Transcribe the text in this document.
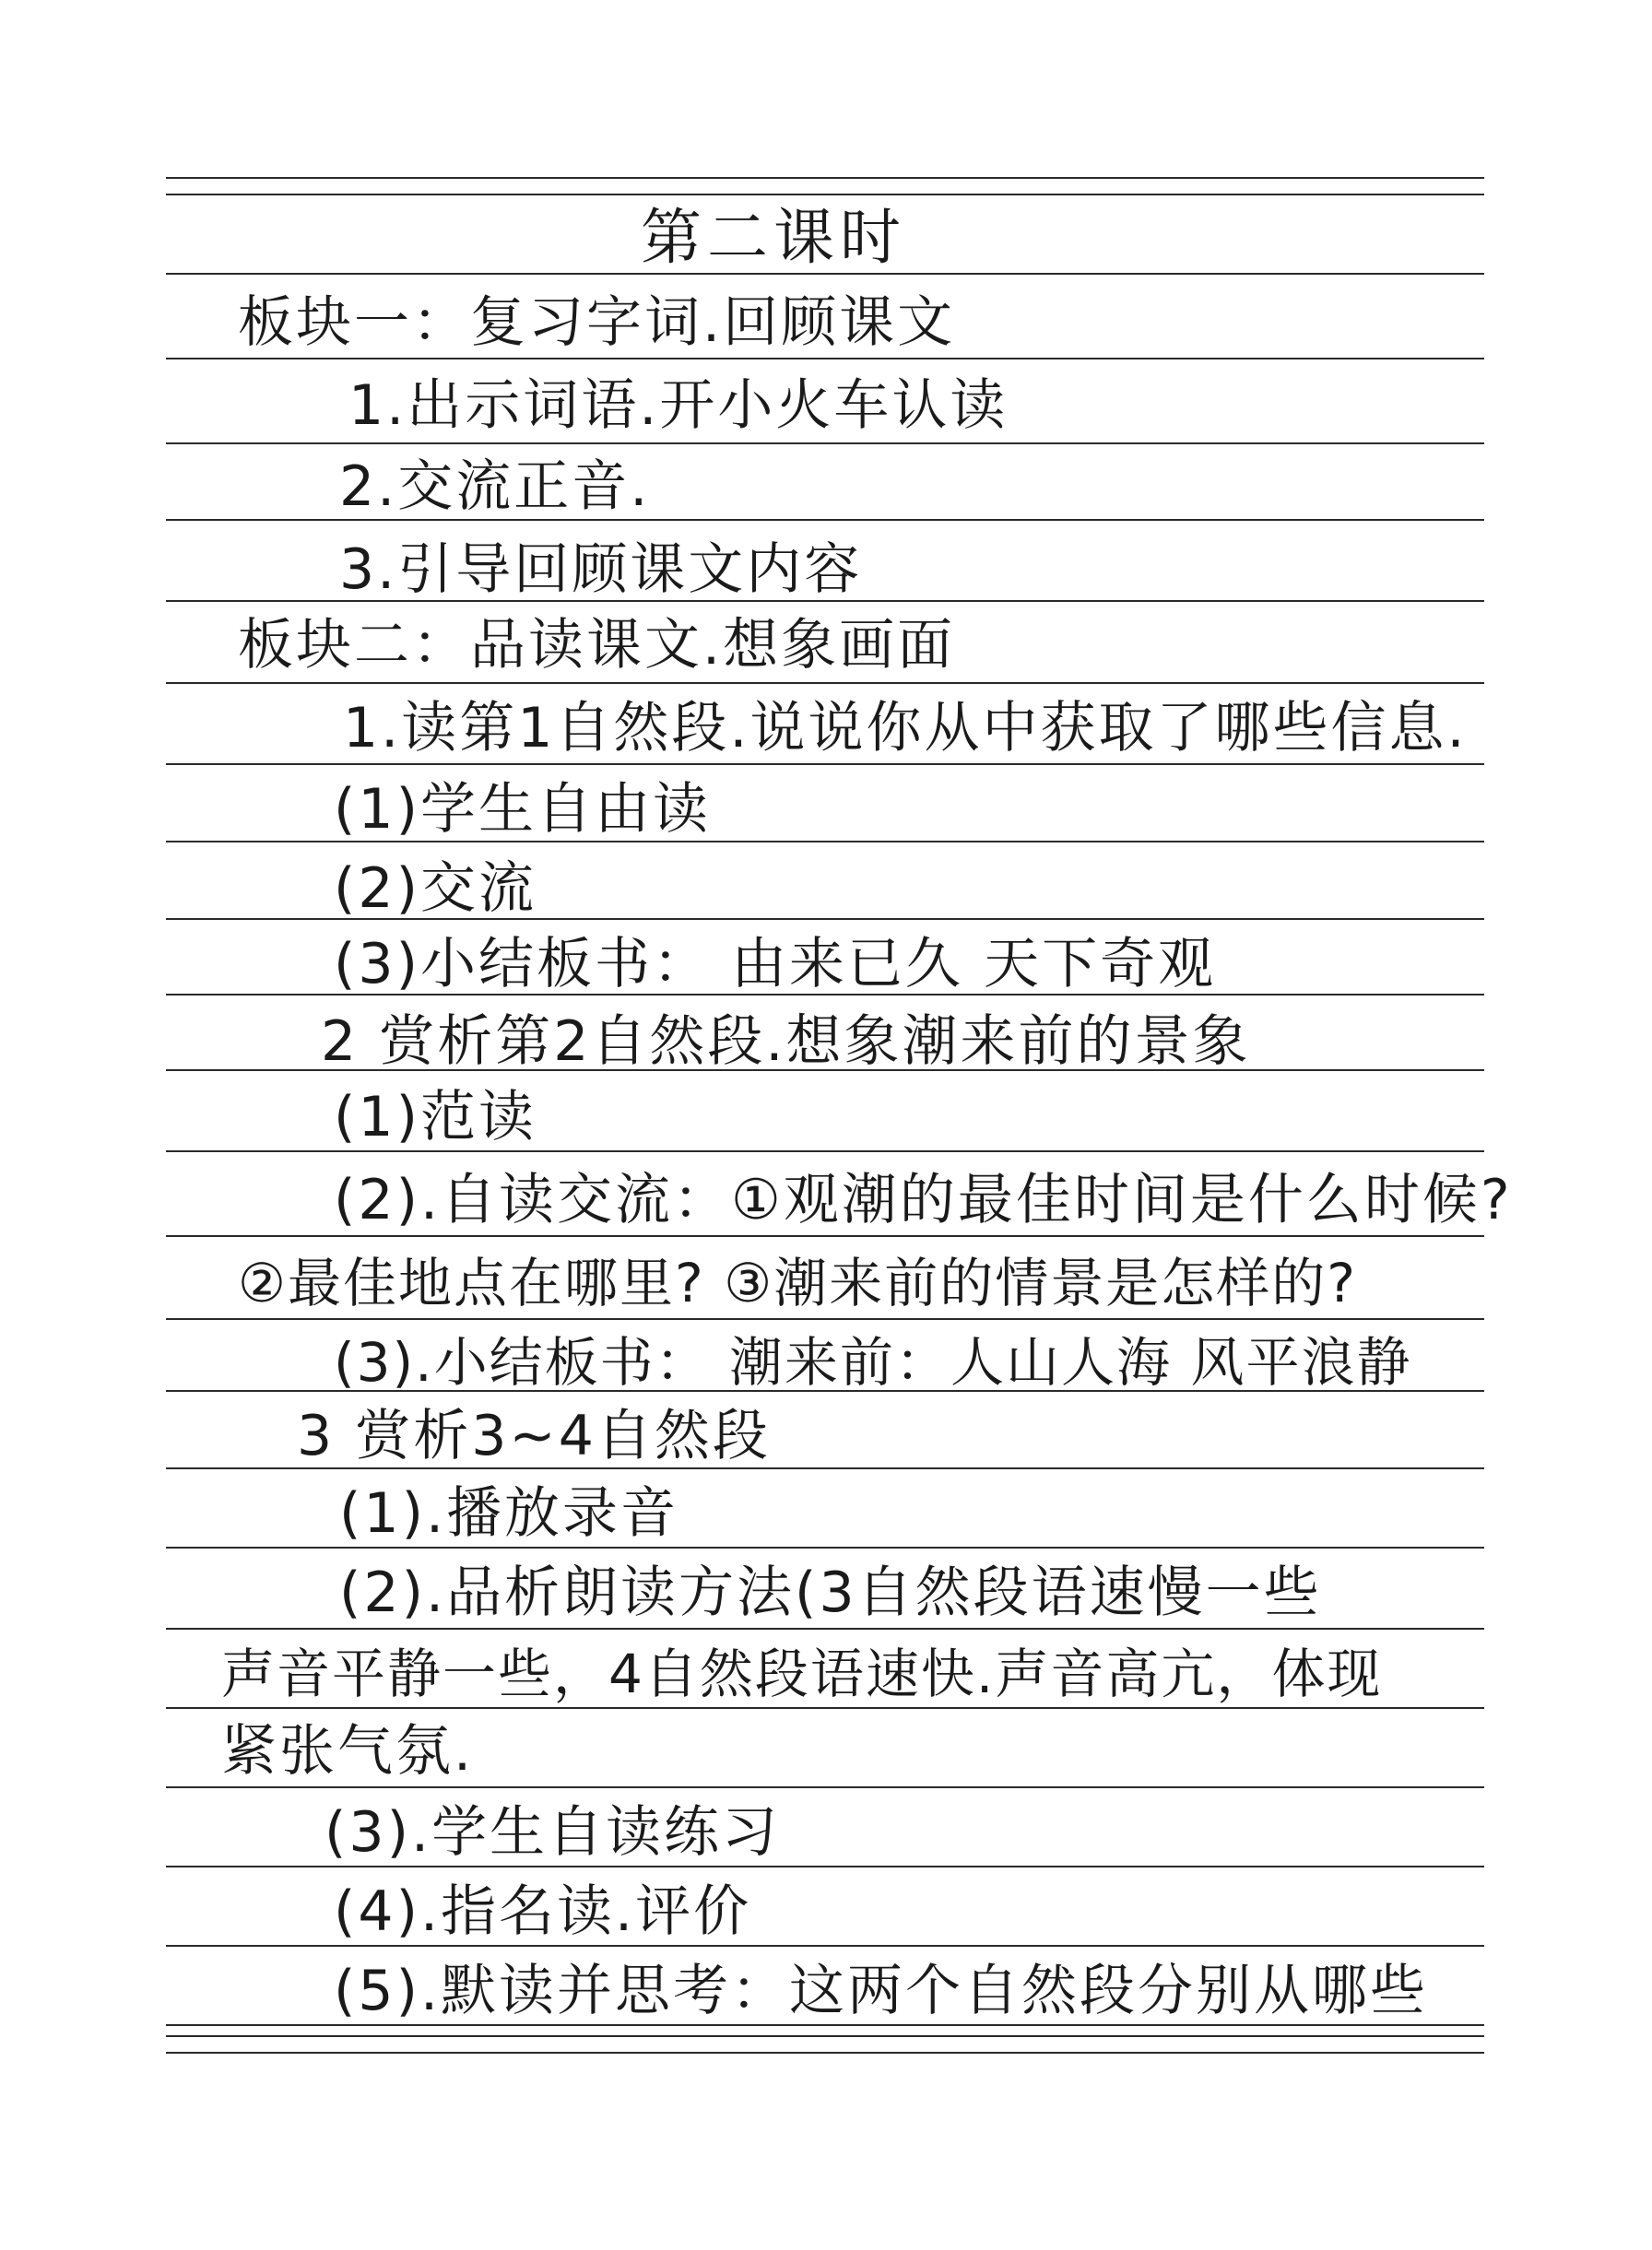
第二课时
板块一：复习字词.回顾课文
1.出示词语.开小火车认读
2.交流正音.
3.引导回顾课文内容
板块二：品读课文.想象画面
1.读第1自然段.说说你从中获取了哪些信息.
(1)学生自由读
(2)交流
(3)小结板书： 由来已久 天下奇观
2 赏析第2自然段.想象潮来前的景象
(1)范读
(2).自读交流：①观潮的最佳时间是什么时候?
②最佳地点在哪里? ③潮来前的情景是怎样的?
(3).小结板书： 潮来前：人山人海 风平浪静
3 赏析3~4自然段
(1).播放录音
(2).品析朗读方法(3自然段语速慢一些
声音平静一些，4自然段语速快.声音高亢，体现
紧张气氛.
(3).学生自读练习
(4).指名读.评价
(5).默读并思考：这两个自然段分别从哪些
